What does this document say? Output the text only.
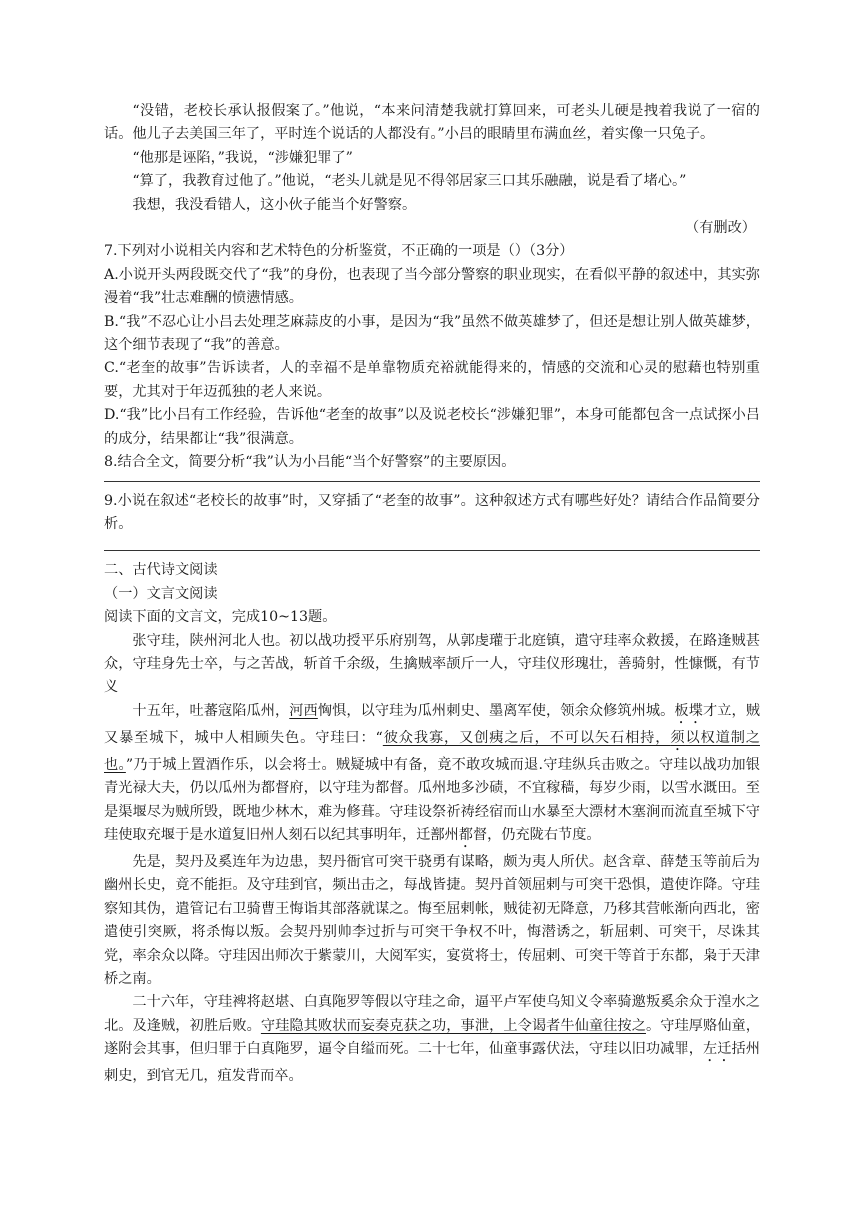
“没错，老校长承认报假案了。”他说，“本来问清楚我就打算回来，可老头儿硬是拽着我说了一宿的话。他儿子去美国三年了，平时连个说话的人都没有。”小吕的眼睛里布满血丝，着实像一只兔子。

“他那是诬陷，”我说，“涉嫌犯罪了”

“算了，我教育过他了。”他说，“老头儿就是见不得邻居家三口其乐融融，说是看了堵心。”

我想，我没看错人，这小伙子能当个好警察。

（有删改）

7.下列对小说相关内容和艺术特色的分析鉴赏，不正确的一项是（）（3分）

A.小说开头两段既交代了“我”的身份，也表现了当今部分警察的职业现实，在看似平静的叙述中，其实弥漫着“我”壮志难酬的愤懑情感。

B.“我”不忍心让小吕去处理芝麻蒜皮的小事，是因为“我”虽然不做英雄梦了，但还是想让别人做英雄梦，这个细节表现了“我”的善意。

C.“老奎的故事”告诉读者，人的幸福不是单靠物质充裕就能得来的，情感的交流和心灵的慰藉也特别重要，尤其对于年迈孤独的老人来说。

D.“我”比小吕有工作经验，告诉他“老奎的故事”以及说老校长“涉嫌犯罪”，本身可能都包含一点试探小吕的成分，结果都让“我”很满意。

8.结合全文，简要分析“我”认为小吕能“当个好警察”的主要原因。

9.小说在叙述“老校长的故事”时，又穿插了“老奎的故事”。这种叙述方式有哪些好处？请结合作品简要分析。

二、古代诗文阅读

（一）文言文阅读

阅读下面的文言文，完成10~13题。

张守珪，陕州河北人也。初以战功授平乐府别驾，从郭虔瓘于北庭镇，遣守珪率众救援，在路逢贼甚众，守珪身先士卒，与之苦战，斩首千余级，生擒贼率颉斤一人，守珪仪形瑰壮，善骑射，性慷慨，有节义

十五年，吐蕃寇陷瓜州，河西恟惧，以守珪为瓜州刺史、墨离军使，领余众修筑州城。板堞才立，贼又暴至城下，城中人相顾失色。守珪曰：“彼众我寡，又创痍之后，不可以矢石相持，须以权道制之也。”乃于城上置酒作乐，以会将士。贼疑城中有备，竟不敢攻城而退.守珪纵兵击败之。守珪以战功加银青光禄大夫，仍以瓜州为都督府，以守珪为都督。瓜州地多沙碛，不宜稼穑，每岁少雨，以雪水溉田。至是渠堰尽为贼所毁，既地少林木，难为修葺。守珪设祭祈祷经宿而山水暴至大漂材木塞涧而流直至城下守珪使取充堰于是水道复旧州人刻石以纪其事明年，迁鄯州都督，仍充陇右节度。

先是，契丹及奚连年为边患，契丹衙官可突干骁勇有谋略，颇为夷人所伏。赵含章、薛楚玉等前后为幽州长史，竟不能拒。及守珪到官，频出击之，每战皆捷。契丹首领屈剌与可突干恐惧，遣使诈降。守珪察知其伪，遣管记右卫骑曹王悔诣其部落就谋之。悔至屈剌帐，贼徒初无降意，乃移其营帐渐向西北，密遣使引突厥，将杀悔以叛。会契丹别帅李过折与可突干争权不叶，悔潜诱之，斩屈剌、可突干，尽诛其党，率余众以降。守珪因出师次于紫蒙川，大阅军实，宴赏将士，传屈剌、可突干等首于东都，枭于天津桥之南。

二十六年，守珪裨将赵堪、白真陁罗等假以守珪之命，逼平卢军使乌知义令率骑邀叛奚余众于湟水之北。及逢贼，初胜后败。守珪隐其败状而妄奏克获之功，事泄，上令谒者牛仙童往按之。守珪厚赂仙童，遂附会其事，但归罪于白真陁罗，逼令自缢而死。二十七年，仙童事露伏法，守珪以旧功减罪，左迁括州刺史，到官无几，疽发背而卒。
